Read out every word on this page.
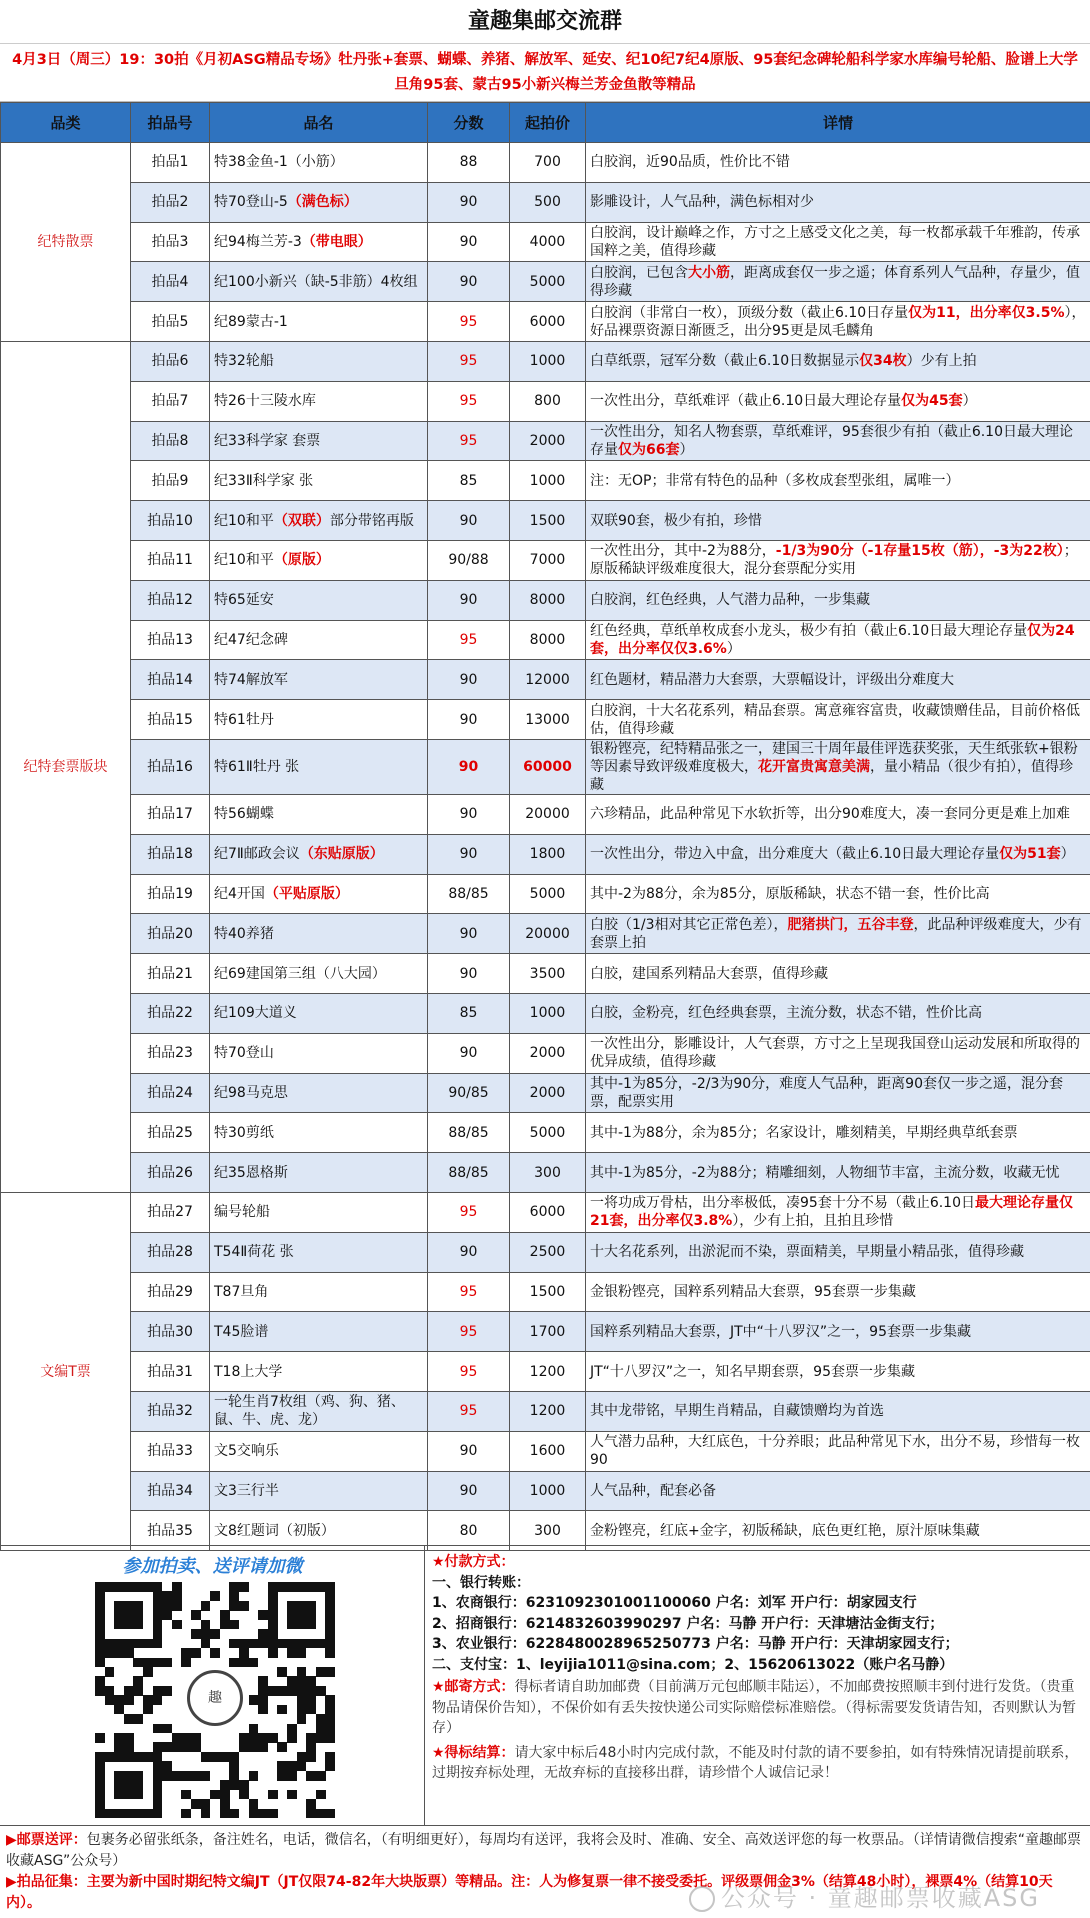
童趣集邮交流群
4月3日（周三）19：30拍《月初ASG精品专场》牡丹张+套票、蝴蝶、养猪、解放军、延安、纪10纪7纪4原版、95套纪念碑轮船科学家水库编号轮船、脸谱上大学旦角95套、蒙古95小新兴梅兰芳金鱼散等精品
品类	拍品号	品名	分数	起拍价	详情
纪特散票	拍品1	特38金鱼-1（小筋）	88	700	白胶润，近90品质，性价比不错
	拍品2	特70登山-5（满色标）	90	500	影雕设计，人气品种，满色标相对少
	拍品3	纪94梅兰芳-3（带电眼）	90	4000	白胶润，设计巅峰之作，方寸之上感受文化之美，每一枚都承载千年雅韵，传承国粹之美，值得珍藏
	拍品4	纪100小新兴（缺-5非筋）4枚组	90	5000	白胶润，已包含大小筋，距离成套仅一步之遥；体育系列人气品种，存量少，值得珍藏
	拍品5	纪89蒙古-1	95	6000	白胶润（非常白一枚），顶级分数（截止6.10日存量仅为11，出分率仅3.5%），好品裸票资源日渐匮乏，出分95更是凤毛麟角
纪特套票版块	拍品6	特32轮船	95	1000	白草纸票，冠军分数（截止6.10日数据显示仅34枚）少有上拍
	拍品7	特26十三陵水库	95	800	一次性出分，草纸难评（截止6.10日最大理论存量仅为45套）
	拍品8	纪33科学家 套票	95	2000	一次性出分，知名人物套票，草纸难评，95套很少有拍（截止6.10日最大理论存量仅为66套）
	拍品9	纪33Ⅱ科学家 张	85	1000	注：无OP；非常有特色的品种（多枚成套型张组，属唯一）
	拍品10	纪10和平（双联）部分带铭再版	90	1500	双联90套，极少有拍，珍惜
	拍品11	纪10和平（原版）	90/88	7000	一次性出分，其中-2为88分，-1/3为90分（-1存量15枚（筋），-3为22枚）；原版稀缺评级难度很大，混分套票配分实用
	拍品12	特65延安	90	8000	白胶润，红色经典，人气潜力品种，一步集藏
	拍品13	纪47纪念碑	95	8000	红色经典，草纸单枚成套小龙头，极少有拍（截止6.10日最大理论存量仅为24套，出分率仅仅3.6%）
	拍品14	特74解放军	90	12000	红色题材，精品潜力大套票，大票幅设计，评级出分难度大
	拍品15	特61牡丹	90	13000	白胶润，十大名花系列，精品套票。寓意雍容富贵，收藏馈赠佳品，目前价格低估，值得珍藏
	拍品16	特61Ⅱ牡丹 张	90	60000	银粉铿亮，纪特精品张之一，建国三十周年最佳评选获奖张，天生纸张软+银粉等因素导致评级难度极大，花开富贵寓意美满，量小精品（很少有拍），值得珍藏
	拍品17	特56蝴蝶	90	20000	六珍精品，此品种常见下水软折等，出分90难度大，凑一套同分更是难上加难
	拍品18	纪7Ⅱ邮政会议（东贴原版）	90	1800	一次性出分，带边入中盒，出分难度大（截止6.10日最大理论存量仅为51套）
	拍品19	纪4开国（平贴原版）	88/85	5000	其中-2为88分，余为85分，原版稀缺，状态不错一套，性价比高
	拍品20	特40养猪	90	20000	白胶（1/3相对其它正常色差），肥猪拱门，五谷丰登，此品种评级难度大，少有套票上拍
	拍品21	纪69建国第三组（八大园）	90	3500	白胶，建国系列精品大套票，值得珍藏
	拍品22	纪109大道义	85	1000	白胶，金粉亮，红色经典套票，主流分数，状态不错，性价比高
	拍品23	特70登山	90	2000	一次性出分，影雕设计，人气套票，方寸之上呈现我国登山运动发展和所取得的优异成绩，值得珍藏
	拍品24	纪98马克思	90/85	2000	其中-1为85分，-2/3为90分，难度人气品种，距离90套仅一步之遥，混分套票，配票实用
	拍品25	特30剪纸	88/85	5000	其中-1为88分，余为85分；名家设计，雕刻精美，早期经典草纸套票
	拍品26	纪35恩格斯	88/85	300	其中-1为85分，-2为88分；精雕细刻，人物细节丰富，主流分数，收藏无忧
文编T票	拍品27	编号轮船	95	6000	一将功成万骨枯，出分率极低，凑95套十分不易（截止6.10日最大理论存量仅21套，出分率仅3.8%），少有上拍，且拍且珍惜
	拍品28	T54Ⅱ荷花 张	90	2500	十大名花系列，出淤泥而不染，票面精美，早期量小精品张，值得珍藏
	拍品29	T87旦角	95	1500	金银粉铿亮，国粹系列精品大套票，95套票一步集藏
	拍品30	T45脸谱	95	1700	国粹系列精品大套票，JT中“十八罗汉”之一，95套票一步集藏
	拍品31	T18上大学	95	1200	JT“十八罗汉”之一，知名早期套票，95套票一步集藏
	拍品32	一轮生肖7枚组（鸡、狗、猪、鼠、牛、虎、龙）	95	1200	其中龙带铭，早期生肖精品，自藏馈赠均为首选
	拍品33	文5交响乐	90	1600	人气潜力品种，大红底色，十分养眼；此品种常见下水，出分不易，珍惜每一枚90
	拍品34	文3三行半	90	1000	人气品种，配套必备
	拍品35	文8红题词（初版）	80	300	金粉铿亮，红底+金字，初版稀缺，底色更红艳，原汁原味集藏
参加拍卖、送评请加微
趣
★付款方式：
一、银行转账：
1、农商银行：6231092301001100060 户名：刘军 开户行：胡家园支行
2、招商银行：6214832603990297 户名：马静 开户行：天津塘沽金街支行；
3、农业银行：6228480028965250773 户名：马静 开户行：天津胡家园支行；
二、支付宝：1、leyijia1011@sina.com；2、15620613022（账户名马静）
★邮寄方式：得标者请自助加邮费（目前满万元包邮顺丰陆运），不加邮费按照顺丰到付进行发货。（贵重物品请保价告知），不保价如有丢失按快递公司实际赔偿标准赔偿。（得标需要发货请告知，否则默认为暂存）
★得标结算：请大家中标后48小时内完成付款，不能及时付款的请不要参拍，如有特殊情况请提前联系，过期按弃标处理，无故弃标的直接移出群，请珍惜个人诚信记录！
▶邮票送评：包裹务必留张纸条，备注姓名，电话，微信名，（有明细更好），每周均有送评，我将会及时、准确、安全、高效送评您的每一枚票品。（详情请微信搜索“童趣邮票收藏ASG”公众号）
▶拍品征集：主要为新中国时期纪特文编JT（JT仅限74-82年大块版票）等精品。注：人为修复票一律不接受委托。评级票佣金3%（结算48小时），裸票4%（结算10天内）。	公众号 · 童趣邮票收藏ASG
